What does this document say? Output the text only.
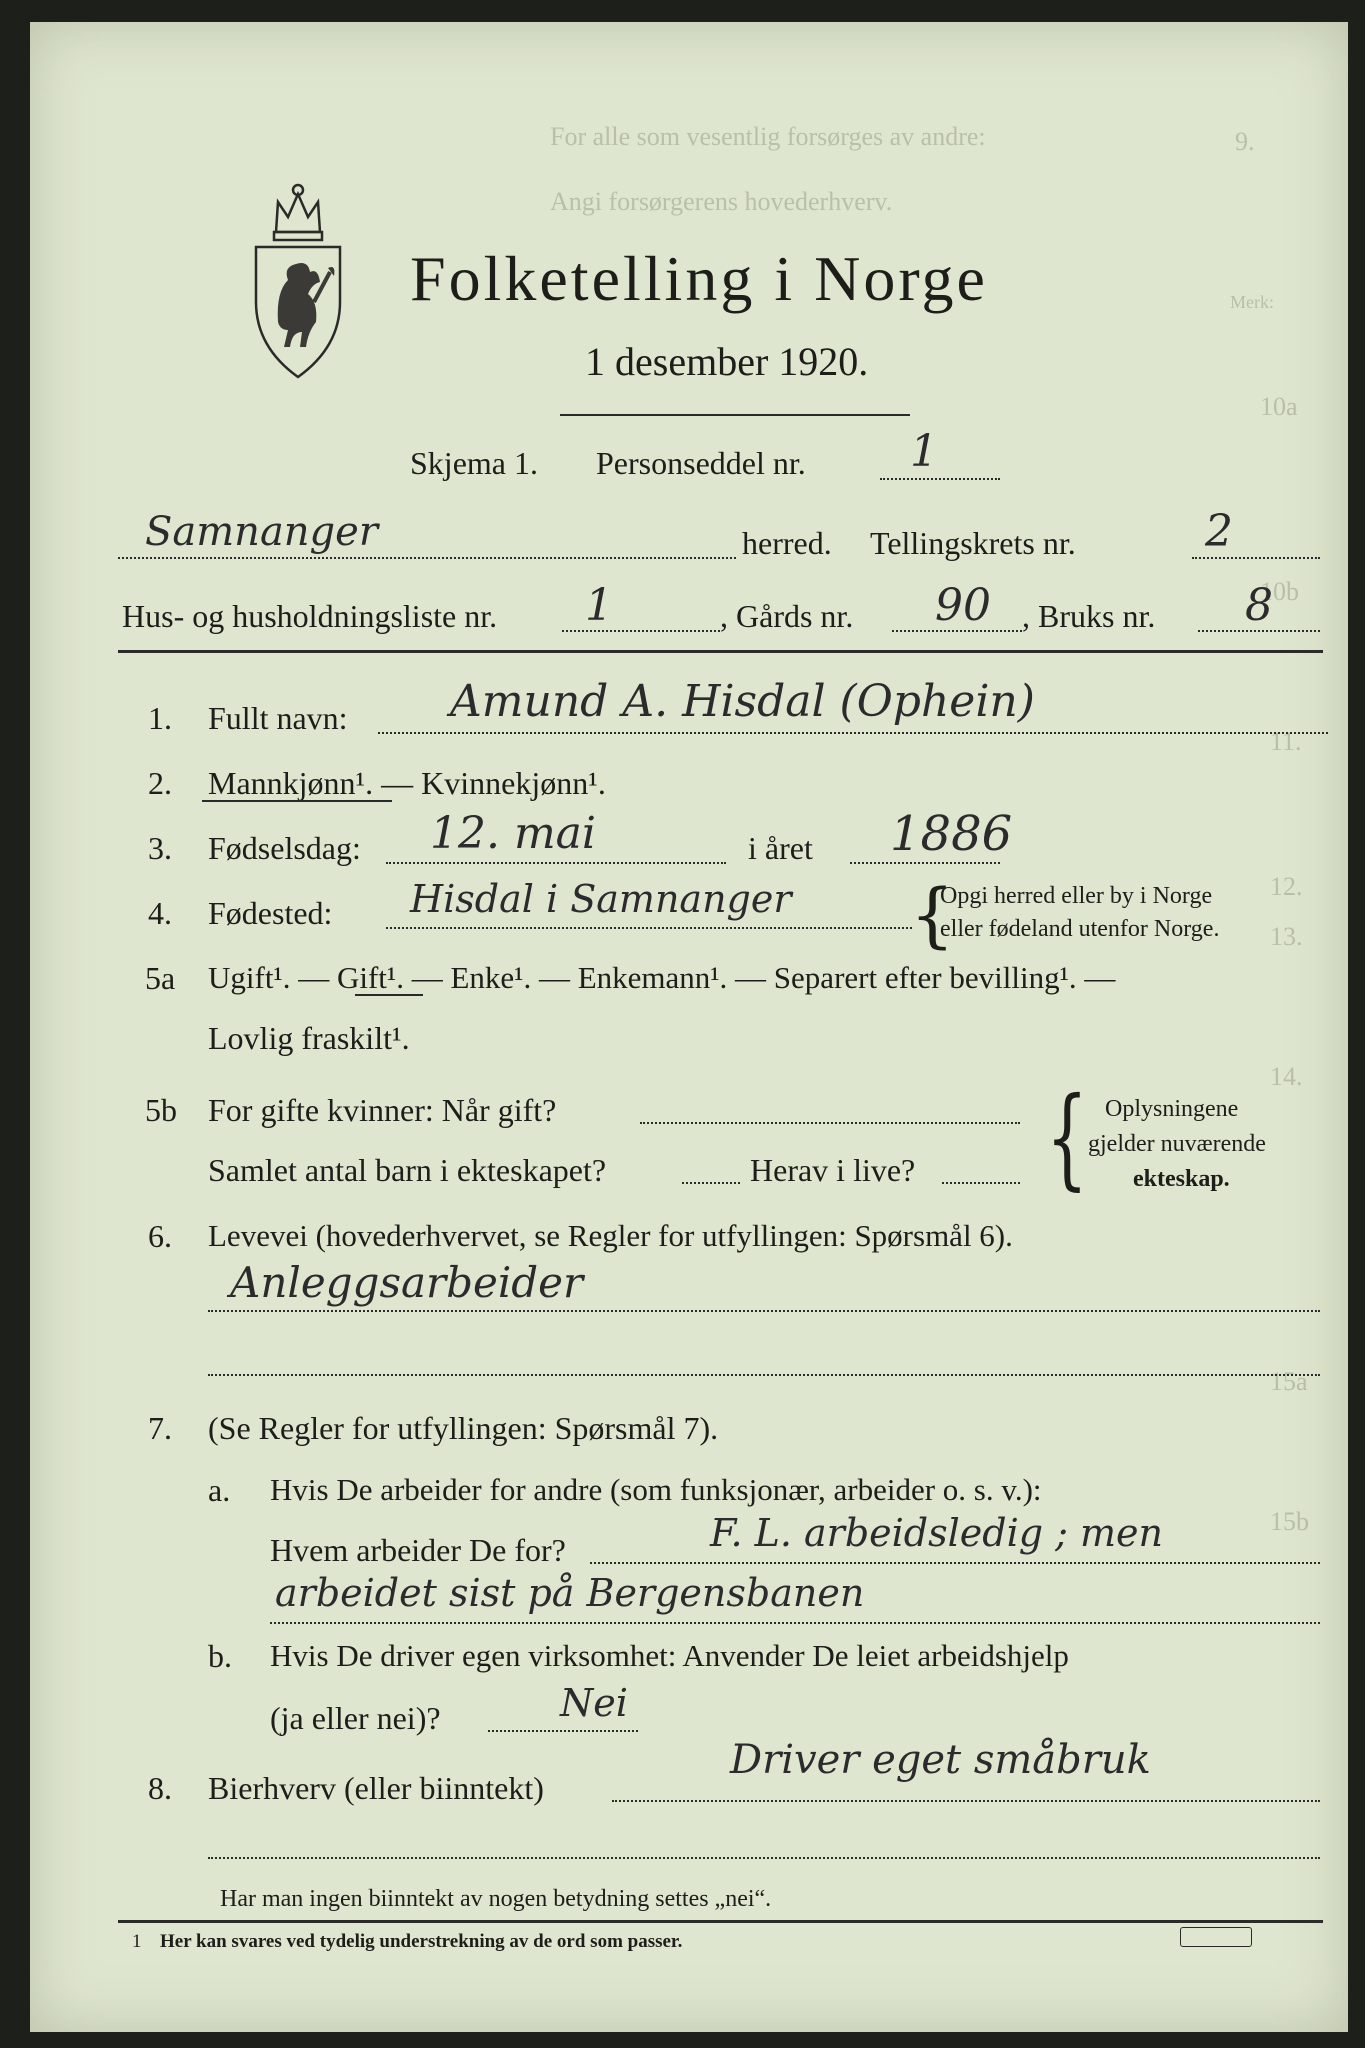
9.
For alle som vesentlig forsørges av andre:
Angi forsørgerens hovederhverv.
Merk:
10a
10b
11.
12.
13.
14.
15a
15b
Folketelling i Norge
1 desember 1920.
Skjema 1. Personseddel nr. 1
Samnanger	herred. Tellingskrets nr.	2
Hus- og husholdningsliste nr. 1	, Gårds nr. 90 , Bruks nr. 8
1. Fullt navn: Amund A. Hisdal (Ophein)
2. Mannkjønn¹. — Kvinnekjønn¹.
3. Fødselsdag: 12. mai	i året 1886
4. Fødested: Hisdal i Samnanger {
Opgi herred eller by i Norge
eller fødeland utenfor Norge.
5a Ugift¹. — Gift¹. — Enke¹. — Enkemann¹. — Separert efter bevilling¹. —
Lovlig fraskilt¹.
5b For gifte kvinner: Når gift?
Samlet antal barn i ekteskapet?	Herav i live? { Oplysningene
gjelder nuværende
ekteskap.
6. Levevei (hovederhvervet, se Regler for utfyllingen: Spørsmål 6).
Anleggsarbeider
7. (Se Regler for utfyllingen: Spørsmål 7).
a. Hvis De arbeider for andre (som funksjonær, arbeider o. s. v.):
Hvem arbeider De for?	F. L. arbeidsledig ; men
arbeidet sist på Bergensbanen
b. Hvis De driver egen virksomhet: Anvender De leiet arbeidshjelp
(ja eller nei)?	Nei
8. Bierhverv (eller biinntekt)
Driver eget småbruk
Har man ingen biinntekt av nogen betydning settes „nei“.
1 Her kan svares ved tydelig understrekning av de ord som passer.
